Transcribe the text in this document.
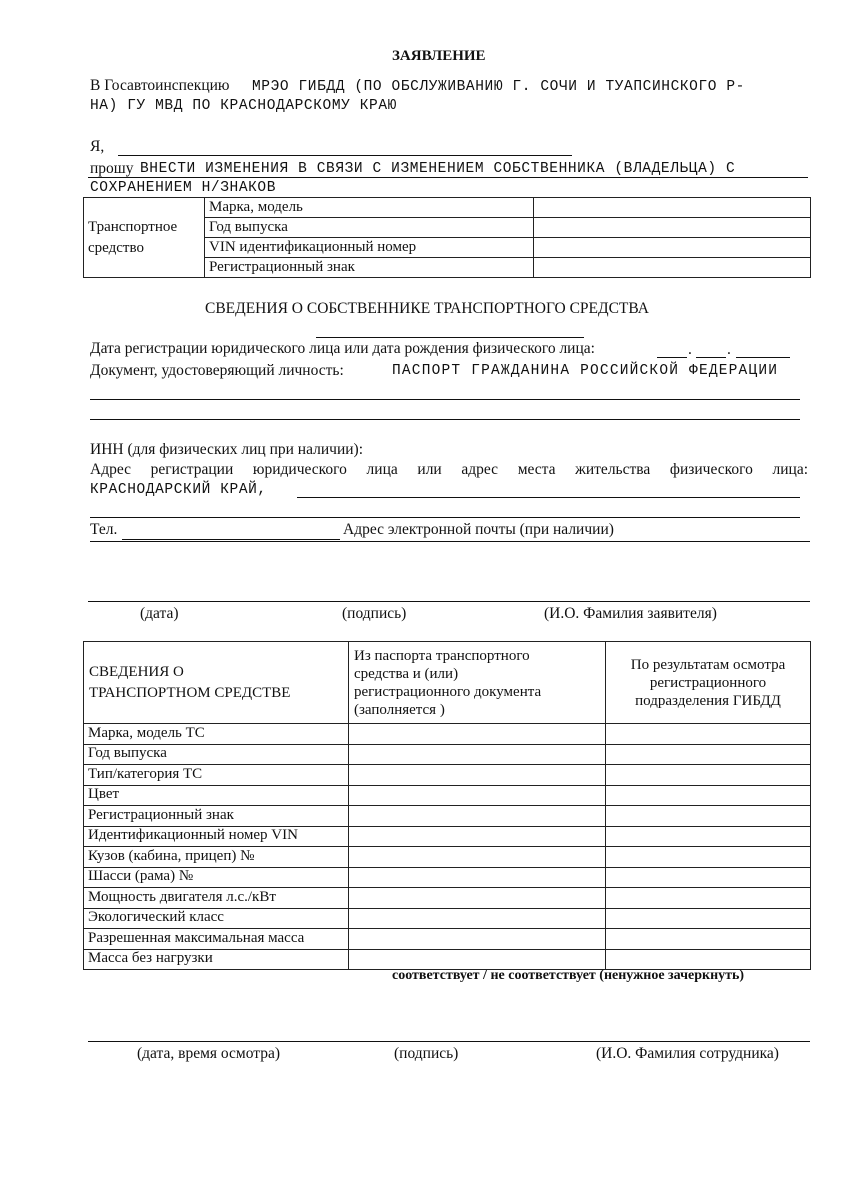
ЗАЯВЛЕНИЕ
В Госавтоинспекцию МРЭО ГИБДД (ПО ОБСЛУЖИВАНИЮ Г. СОЧИ И ТУАПСИНСКОГО Р-
НА) ГУ МВД ПО КРАСНОДАРСКОМУ КРАЮ
Я,
прошу ВНЕСТИ ИЗМЕНЕНИЯ В СВЯЗИ С ИЗМЕНЕНИЕМ СОБСТВЕННИКА (ВЛАДЕЛЬЦА) С
СОХРАНЕНИЕМ Н/ЗНАКОВ
Транспортное
средство	Марка, модель	
	Год выпуска	
	VIN идентификационный номер	
	Регистрационный знак	
СВЕДЕНИЯ О СОБСТВЕННИКЕ ТРАНСПОРТНОГО СРЕДСТВА
Дата регистрации юридического лица или дата рождения физического лица:	. .
Документ, удостоверяющий личность:	ПАСПОРТ ГРАЖДАНИНА РОССИЙСКОЙ ФЕДЕРАЦИИ
ИНН (для физических лиц при наличии):
Адрес регистрации юридического лица или адрес места жительства физического лица:
КРАСНОДАРСКИЙ КРАЙ,
Тел.	Адрес электронной почты (при наличии)
(дата)	(подпись)	(И.О. Фамилия заявителя)
СВЕДЕНИЯ О
ТРАНСПОРТНОМ СРЕДСТВЕ	Из паспорта транспортного
средства и (или)
регистрационного документа
(заполняется )	По результатам осмотра
регистрационного
подразделения ГИБДД
Марка, модель ТС		
Год выпуска		
Тип/категория ТС		
Цвет		
Регистрационный знак		
Идентификационный номер VIN		
Кузов (кабина, прицеп) №		
Шасси (рама) №		
Мощность двигателя л.с./кВт		
Экологический класс		
Разрешенная максимальная масса		
Масса без нагрузки		
соответствует / не соответствует (ненужное зачеркнуть)
(дата, время осмотра)	(подпись)	(И.О. Фамилия сотрудника)
